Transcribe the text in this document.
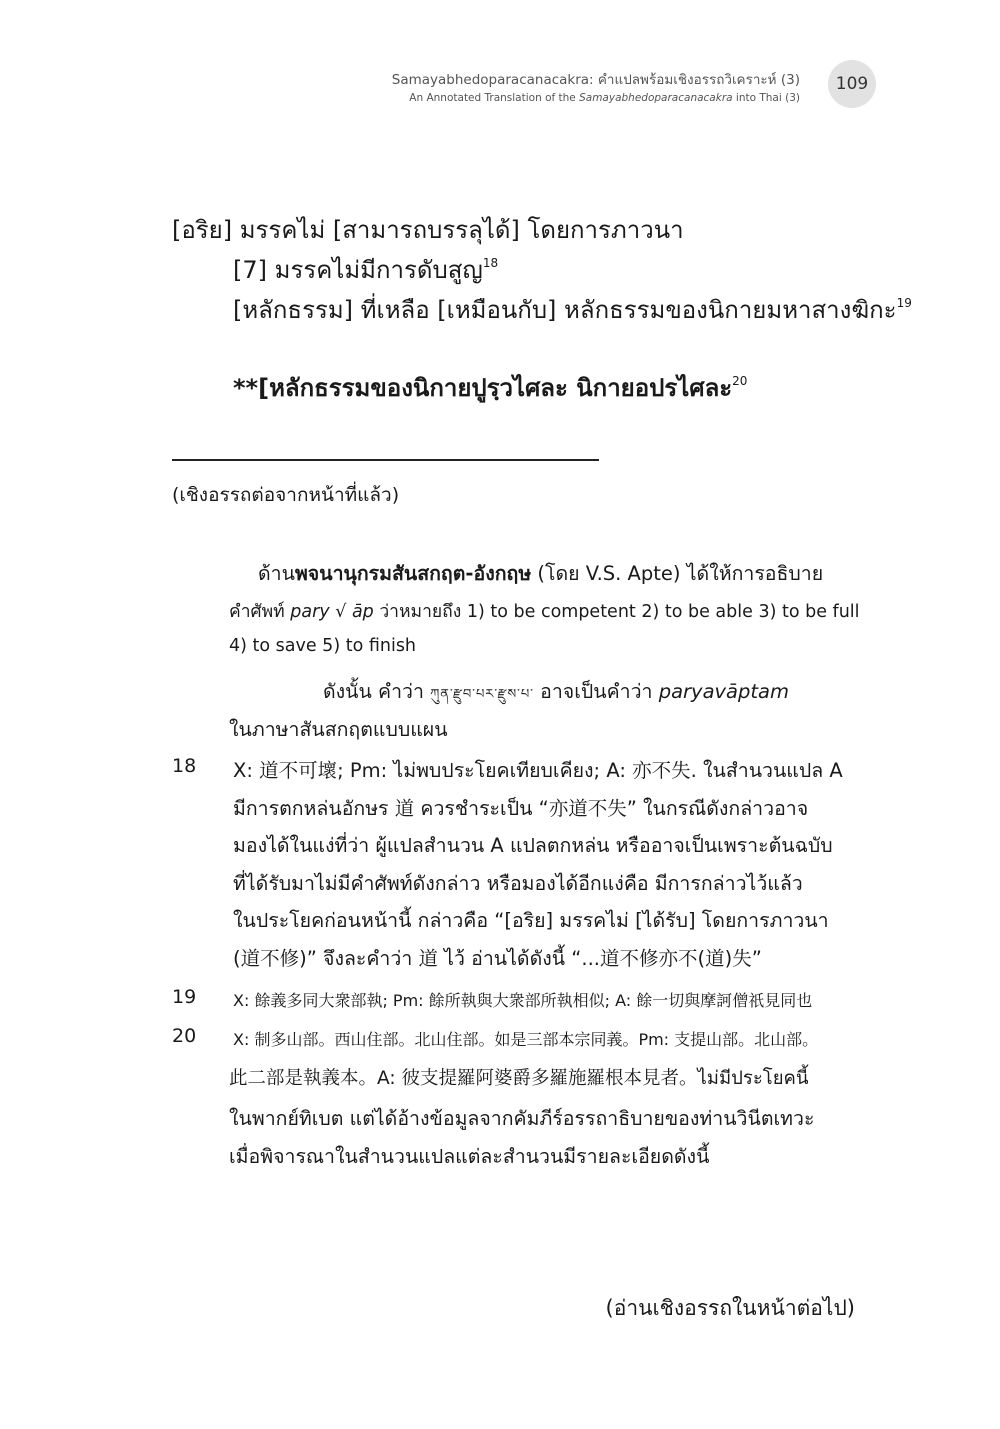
Samayabhedoparacanacakra: คำแปลพร้อมเชิงอรรถวิเคราะห์ (3)
An Annotated Translation of the Samayabhedoparacanacakra into Thai (3)
109
[อริย] มรรคไม่ [สามารถบรรลุได้] โดยการภาวนา
[7] มรรคไม่มีการดับสูญ$^{18}$
[หลักธรรม] ที่เหลือ [เหมือนกับ] หลักธรรมของนิกายมหาสางฆิกะ$^{19}$
**[หลักธรรมของนิกายปูรฺวไศละ นิกายอปรไศละ$^{20}$
(เชิงอรรถต่อจากหน้าที่แล้ว)
ด้านพจนานุกรมสันสกฤต-อังกฤษ (โดย V.S. Apte) ได้ให้การอธิบาย
คำศัพท์ pary √ āp ว่าหมายถึง 1) to be competent 2) to be able 3) to be full
4) to save 5) to finish
ดังนั้น คำว่า ཀུན་རྫུབ་པར་རྫུས་པ་ อาจเป็นคำว่า paryavāptam
ในภาษาสันสกฤตแบบแผน
18 X: 道不可壞; Pm: ไม่พบประโยคเทียบเคียง; A: 亦不失. ในสำนวนแปล A
มีการตกหล่นอักษร 道 ควรชำระเป็น “亦道不失” ในกรณีดังกล่าวอาจ
มองได้ในแง่ที่ว่า ผู้แปลสำนวน A แปลตกหล่น หรืออาจเป็นเพราะต้นฉบับ
ที่ได้รับมาไม่มีคำศัพท์ดังกล่าว หรือมองได้อีกแง่คือ มีการกล่าวไว้แล้ว
ในประโยคก่อนหน้านี้ กล่าวคือ “[อริย] มรรคไม่ [ได้รับ] โดยการภาวนา
(道不修)” จึงละคำว่า 道 ไว้ อ่านได้ดังนี้ “...道不修亦不(道)失”
19 X: 餘義多同大衆部執; Pm: 餘所執與大衆部所執相似; A: 餘一切與摩訶僧祇見同也
20 X: 制多山部。西山住部。北山住部。如是三部本宗同義。Pm: 支提山部。北山部。
此二部是執義本。A: 彼支提羅阿婆爵多羅施羅根本見者。ไม่มีประโยคนี้
ในพากย์ทิเบต แต่ได้อ้างข้อมูลจากคัมภีร์อรรถาธิบายของท่านวินีตเทวะ
เมื่อพิจารณาในสำนวนแปลแต่ละสำนวนมีรายละเอียดดังนี้
(อ่านเชิงอรรถในหน้าต่อไป)
